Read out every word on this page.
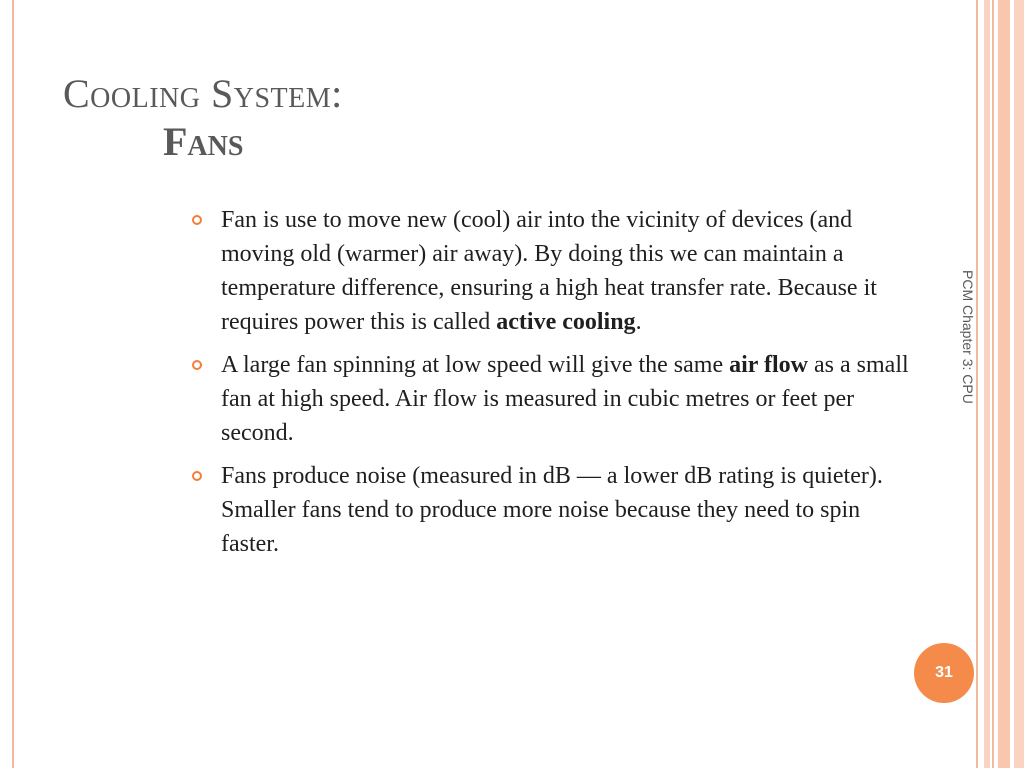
Cooling System:
Fans
Fan is use to move new (cool) air into the vicinity of devices (and moving old (warmer) air away). By doing this we can maintain a temperature difference, ensuring a high heat transfer rate. Because it requires power this is called active cooling.
A large fan spinning at low speed will give the same air flow as a small fan at high speed. Air flow is measured in cubic metres or feet per second.
Fans produce noise (measured in dB — a lower dB rating is quieter). Smaller fans tend to produce more noise because they need to spin faster.
PCM Chapter 3: CPU
31
